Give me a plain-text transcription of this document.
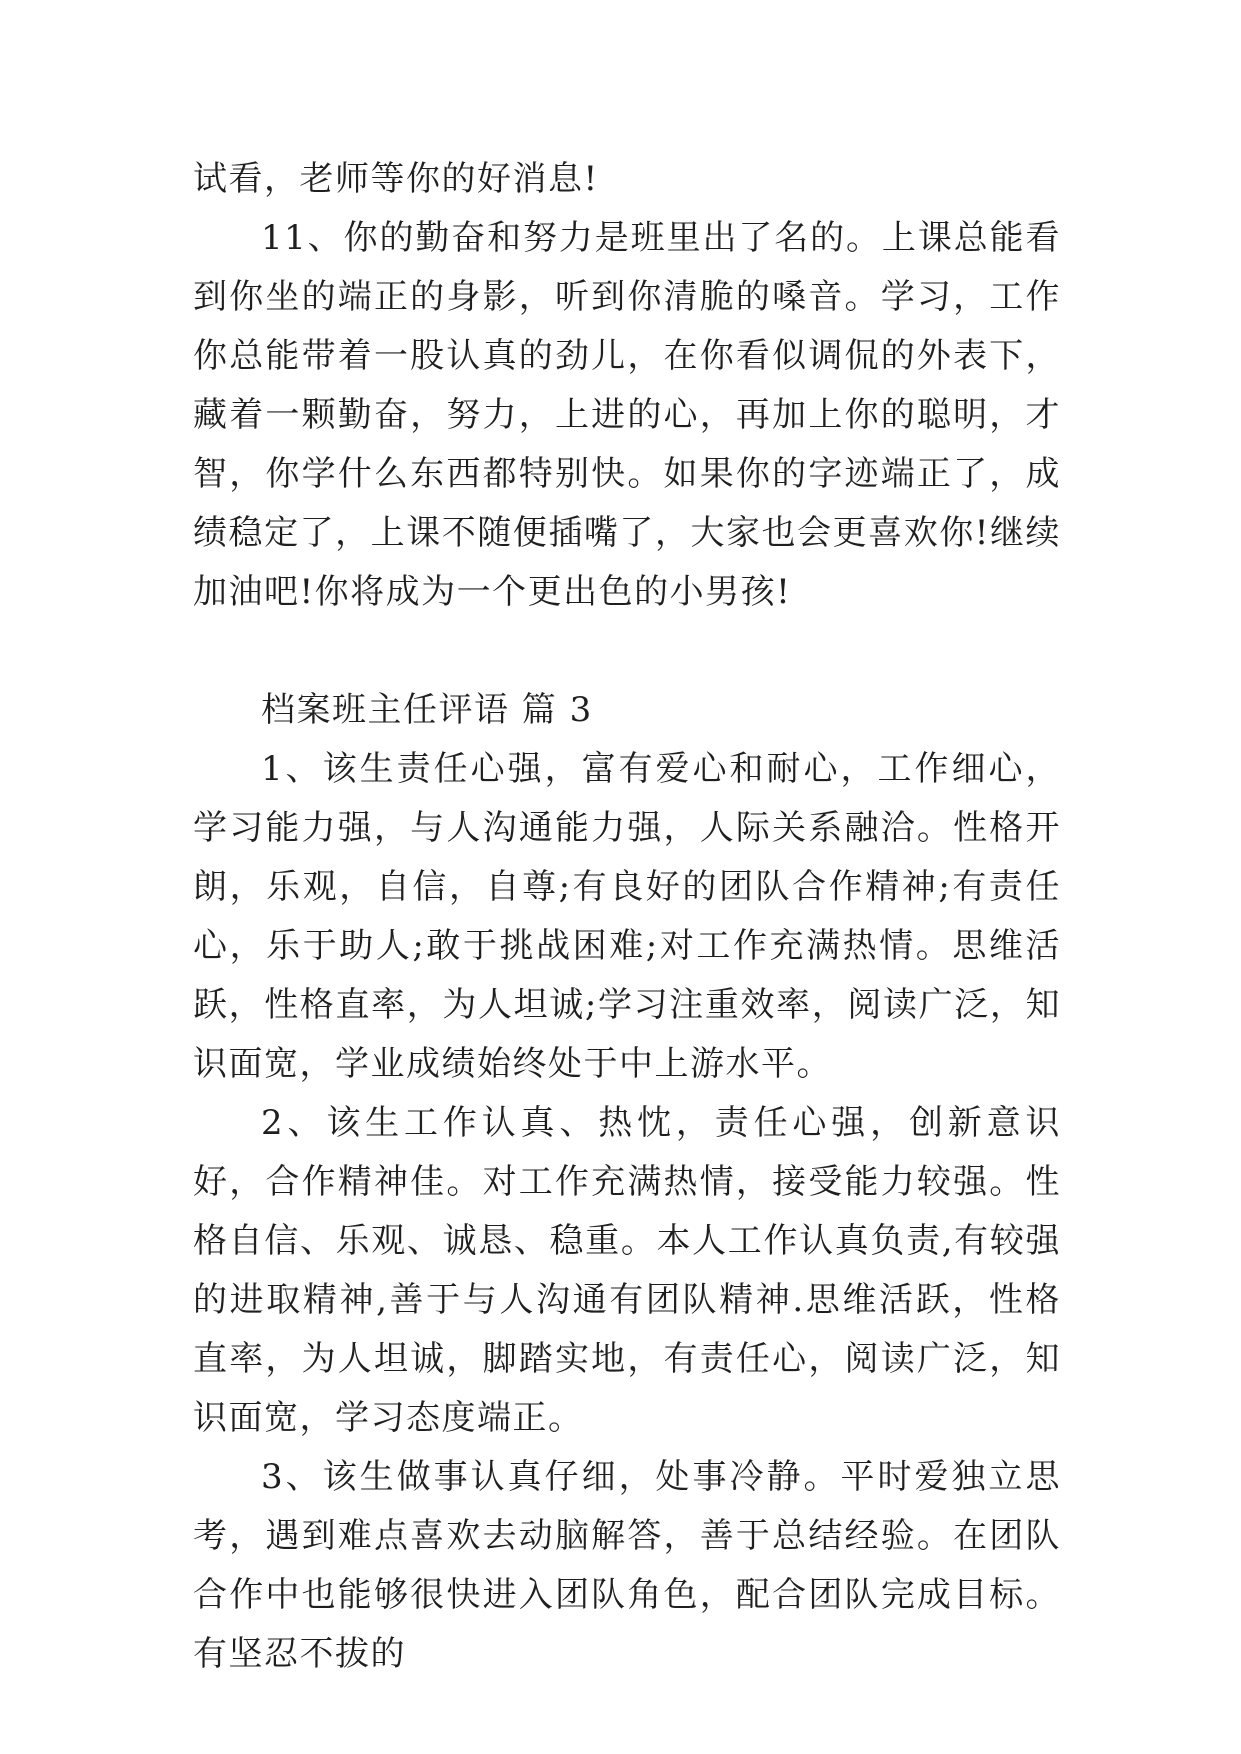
试看，老师等你的好消息!

11、你的勤奋和努力是班里出了名的。上课总能看到你坐的端正的身影，听到你清脆的嗓音。学习，工作你总能带着一股认真的劲儿，在你看似调侃的外表下，藏着一颗勤奋，努力，上进的心，再加上你的聪明，才智，你学什么东西都特别快。如果你的字迹端正了，成绩稳定了，上课不随便插嘴了，大家也会更喜欢你!继续加油吧!你将成为一个更出色的小男孩!

档案班主任评语 篇 3

1、该生责任心强，富有爱心和耐心，工作细心，学习能力强，与人沟通能力强，人际关系融洽。性格开朗，乐观，自信，自尊;有良好的团队合作精神;有责任心，乐于助人;敢于挑战困难;对工作充满热情。思维活跃，性格直率，为人坦诚;学习注重效率，阅读广泛，知识面宽，学业成绩始终处于中上游水平。

2、该生工作认真、热忱，责任心强，创新意识好，合作精神佳。对工作充满热情，接受能力较强。性格自信、乐观、诚恳、稳重。本人工作认真负责,有较强的进取精神,善于与人沟通有团队精神.思维活跃，性格直率，为人坦诚，脚踏实地，有责任心，阅读广泛，知识面宽，学习态度端正。

3、该生做事认真仔细，处事冷静。平时爱独立思考，遇到难点喜欢去动脑解答，善于总结经验。在团队合作中也能够很快进入团队角色，配合团队完成目标。有坚忍不拔的
